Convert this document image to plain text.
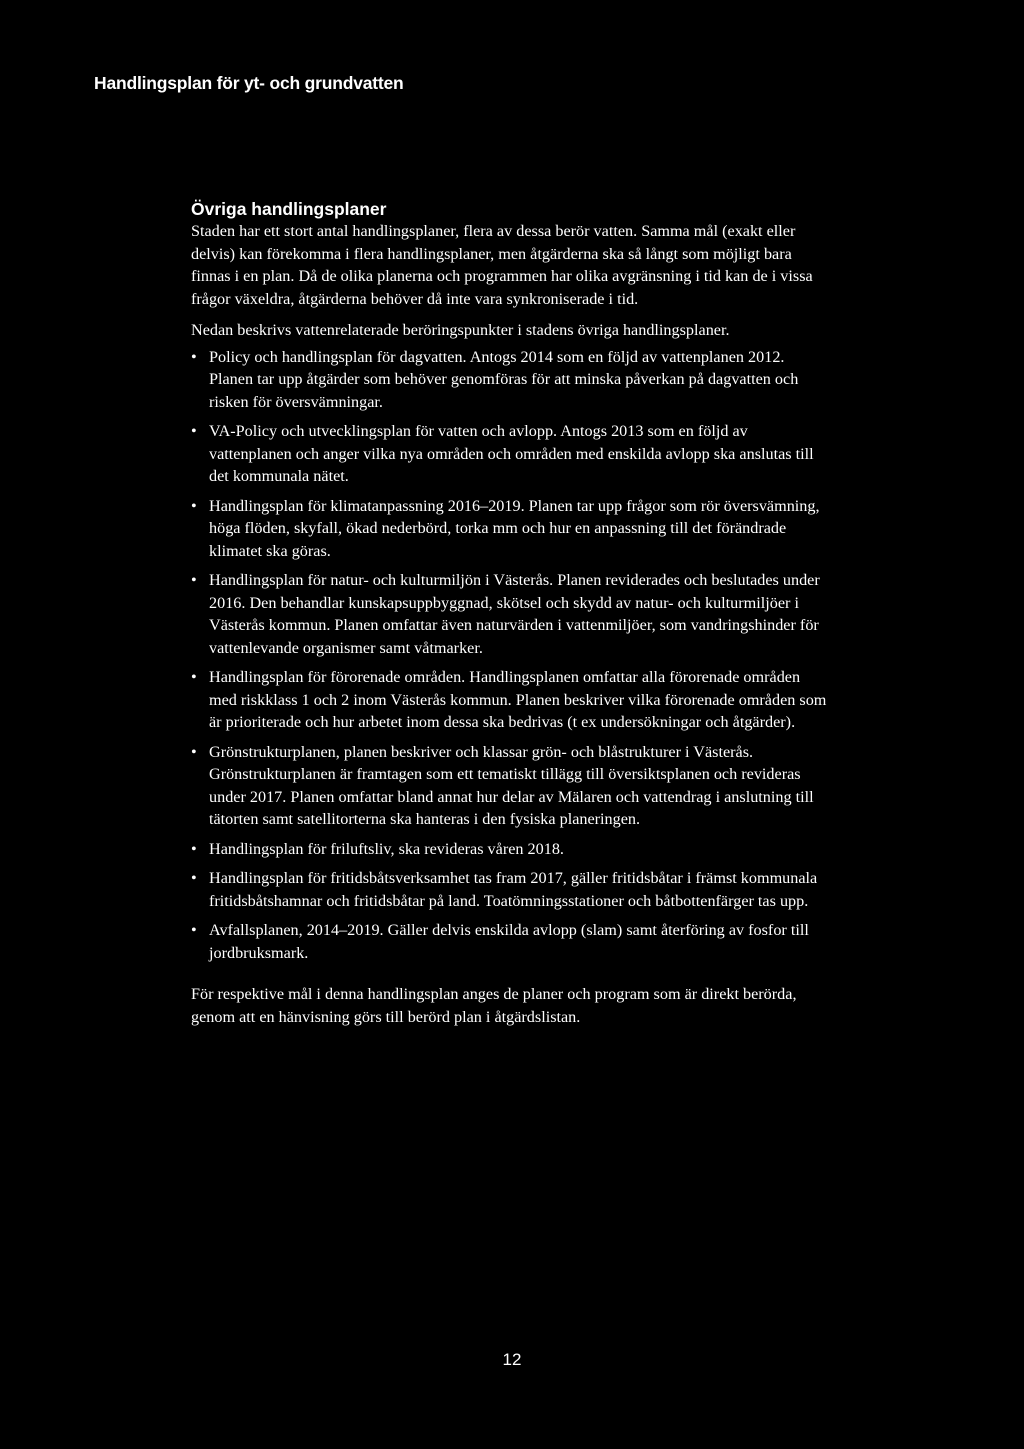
Handlingsplan för yt- och grundvatten

Övriga handlingsplaner

Staden har ett stort antal handlingsplaner, flera av dessa berör vatten. Samma mål (exakt eller delvis) kan förekomma i flera handlingsplaner, men åtgärderna ska så långt som möjligt bara finnas i en plan. Då de olika planerna och programmen har olika avgränsning i tid kan de i vissa frågor växeldra, åtgärderna behöver då inte vara synkroniserade i tid.

Nedan beskrivs vattenrelaterade beröringspunkter i stadens övriga handlingsplaner.

• Policy och handlingsplan för dagvatten. Antogs 2014 som en följd av vattenplanen 2012. Planen tar upp åtgärder som behöver genomföras för att minska påverkan på dagvatten och risken för översvämningar.
• VA-Policy och utvecklingsplan för vatten och avlopp. Antogs 2013 som en följd av vattenplanen och anger vilka nya områden och områden med enskilda avlopp ska anslutas till det kommunala nätet.
• Handlingsplan för klimatanpassning 2016–2019. Planen tar upp frågor som rör översvämning, höga flöden, skyfall, ökad nederbörd, torka mm och hur en anpassning till det förändrade klimatet ska göras.
• Handlingsplan för natur- och kulturmiljön i Västerås. Planen reviderades och beslutades under 2016. Den behandlar kunskapsuppbyggnad, skötsel och skydd av natur- och kulturmiljöer i Västerås kommun. Planen omfattar även naturvärden i vattenmiljöer, som vandringshinder för vattenlevande organismer samt våtmarker.
• Handlingsplan för förorenade områden. Handlingsplanen omfattar alla förorenade områden med riskklass 1 och 2 inom Västerås kommun. Planen beskriver vilka förorenade områden som är prioriterade och hur arbetet inom dessa ska bedrivas (t ex undersökningar och åtgärder).
• Grönstrukturplanen, planen beskriver och klassar grön- och blåstrukturer i Västerås. Grönstrukturplanen är framtagen som ett tematiskt tillägg till översiktsplanen och revideras under 2017. Planen omfattar bland annat hur delar av Mälaren och vattendrag i anslutning till tätorten samt satellitorterna ska hanteras i den fysiska planeringen.
• Handlingsplan för friluftsliv, ska revideras våren 2018.
• Handlingsplan för fritidsbåtsverksamhet tas fram 2017, gäller fritidsbåtar i främst kommunala fritidsbåtshamnar och fritidsbåtar på land. Toatömningsstationer och båtbottenfärger tas upp.
• Avfallsplanen, 2014–2019. Gäller delvis enskilda avlopp (slam) samt återföring av fosfor till jordbruksmark.

För respektive mål i denna handlingsplan anges de planer och program som är direkt berörda, genom att en hänvisning görs till berörd plan i åtgärdslistan.

12
